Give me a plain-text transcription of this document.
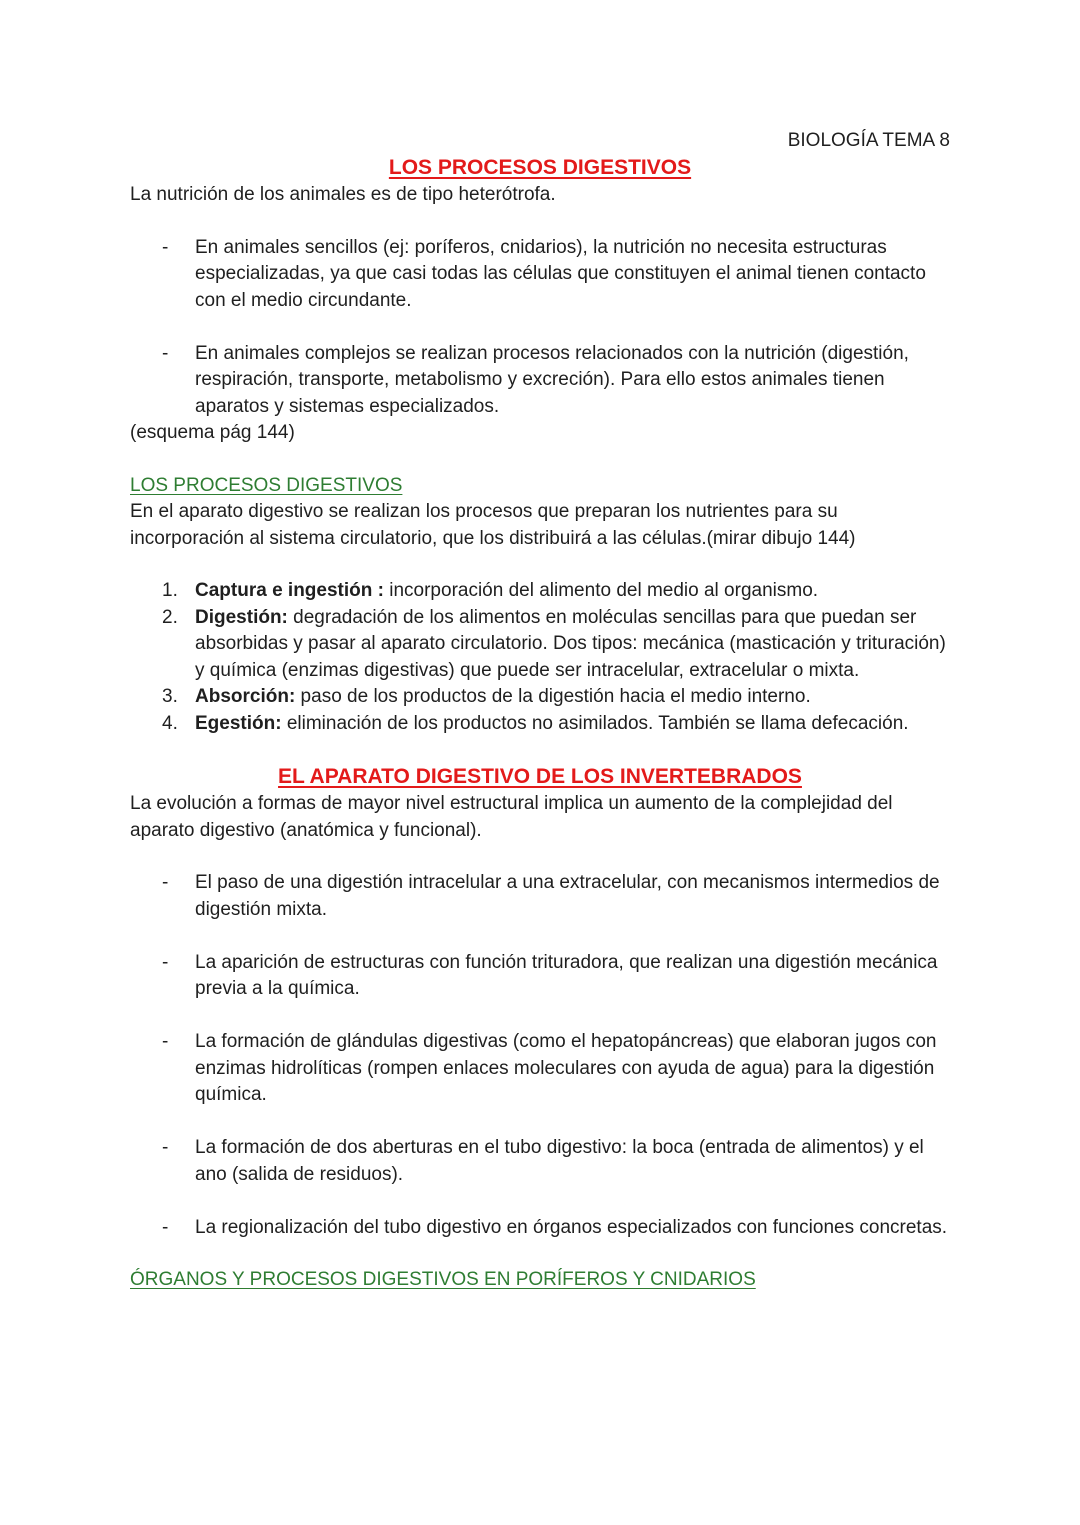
BIOLOGÍA TEMA 8

LOS PROCESOS DIGESTIVOS

La nutrición de los animales es de tipo heterótrofa.

- En animales sencillos (ej: poríferos, cnidarios), la nutrición no necesita estructuras especializadas, ya que casi todas las células que constituyen el animal tienen contacto con el medio circundante.
- En animales complejos se realizan procesos relacionados con la nutrición (digestión, respiración, transporte, metabolismo y excreción). Para ello estos animales tienen aparatos y sistemas especializados.

(esquema pág 144)

LOS PROCESOS DIGESTIVOS

En el aparato digestivo se realizan los procesos que preparan los nutrientes para su incorporación al sistema circulatorio, que los distribuirá a las células.(mirar dibujo 144)

1. Captura e ingestión : incorporación del alimento del medio al organismo.
2. Digestión: degradación de los alimentos en moléculas sencillas para que puedan ser absorbidas y pasar al aparato circulatorio. Dos tipos: mecánica (masticación y trituración) y química (enzimas digestivas) que puede ser intracelular, extracelular o mixta.
3. Absorción: paso de los productos de la digestión hacia el medio interno.
4. Egestión: eliminación de los productos no asimilados. También se llama defecación.
EL APARATO DIGESTIVO DE LOS INVERTEBRADOS

La evolución a formas de mayor nivel estructural implica un aumento de la complejidad del aparato digestivo (anatómica y funcional).

- El paso de una digestión intracelular a una extracelular, con mecanismos intermedios de digestión mixta.
- La aparición de estructuras con función trituradora, que realizan una digestión mecánica previa a la química.
- La formación de glándulas digestivas (como el hepatopáncreas) que elaboran jugos con enzimas hidrolíticas (rompen enlaces moleculares con ayuda de agua) para la digestión química.
- La formación de dos aberturas en el tubo digestivo: la boca (entrada de alimentos) y el ano (salida de residuos).
- La regionalización del tubo digestivo en órganos especializados con funciones concretas.

ÓRGANOS Y PROCESOS DIGESTIVOS EN PORÍFEROS Y CNIDARIOS
